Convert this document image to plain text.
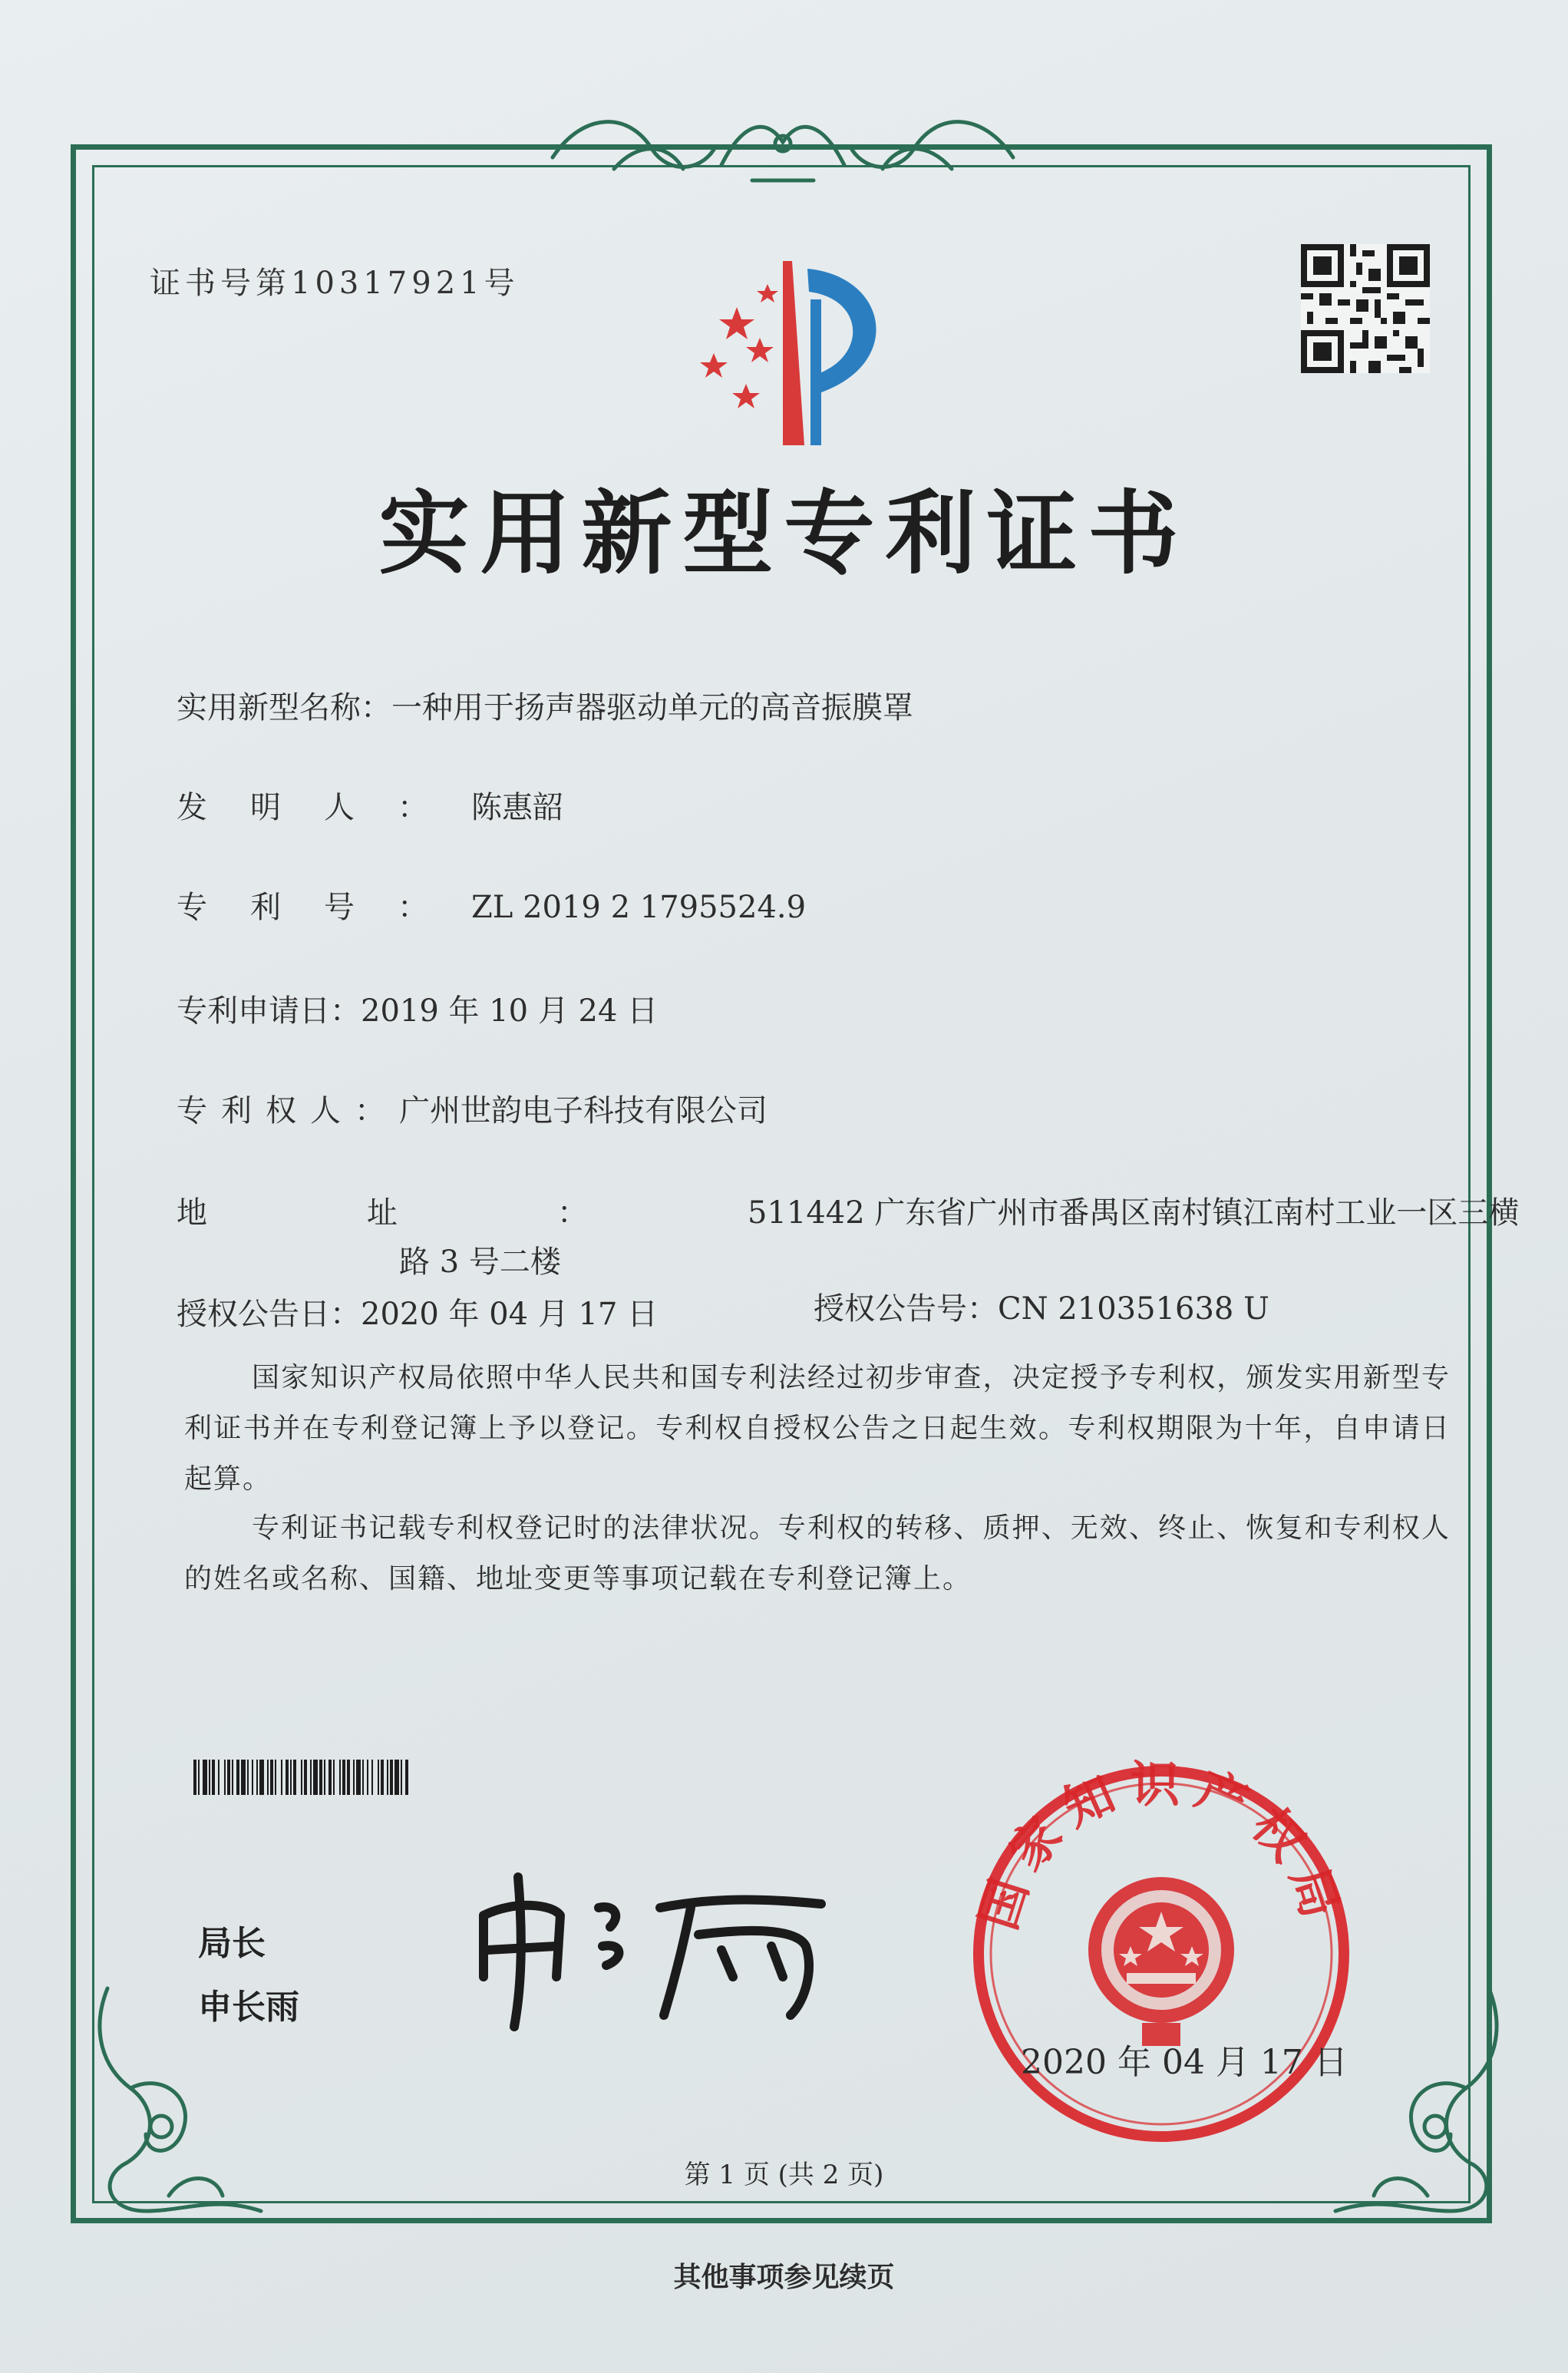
证书号第10317921号
实用新型专利证书
实用新型名称：一种用于扬声器驱动单元的高音振膜罩
发明人：陈惠韶
专利号：ZL 2019 2 1795524.9
专利申请日：2019 年 10 月 24 日
专利权人：广州世韵电子科技有限公司
地址：511442 广东省广州市番禺区南村镇江南村工业一区三横
路 3 号二楼
授权公告日：2020 年 04 月 17 日	授权公告号：CN 210351638 U
国家知识产权局依照中华人民共和国专利法经过初步审查，决定授予专利权，颁发实用新型专利证书并在专利登记簿上予以登记。专利权自授权公告之日起生效。专利权期限为十年，自申请日起算。
专利证书记载专利权登记时的法律状况。专利权的转移、质押、无效、终止、恢复和专利权人的姓名或名称、国籍、地址变更等事项记载在专利登记簿上。
局长
申长雨
国家知识产权局
2020 年 04 月 17 日
第 1 页 (共 2 页)
其他事项参见续页
